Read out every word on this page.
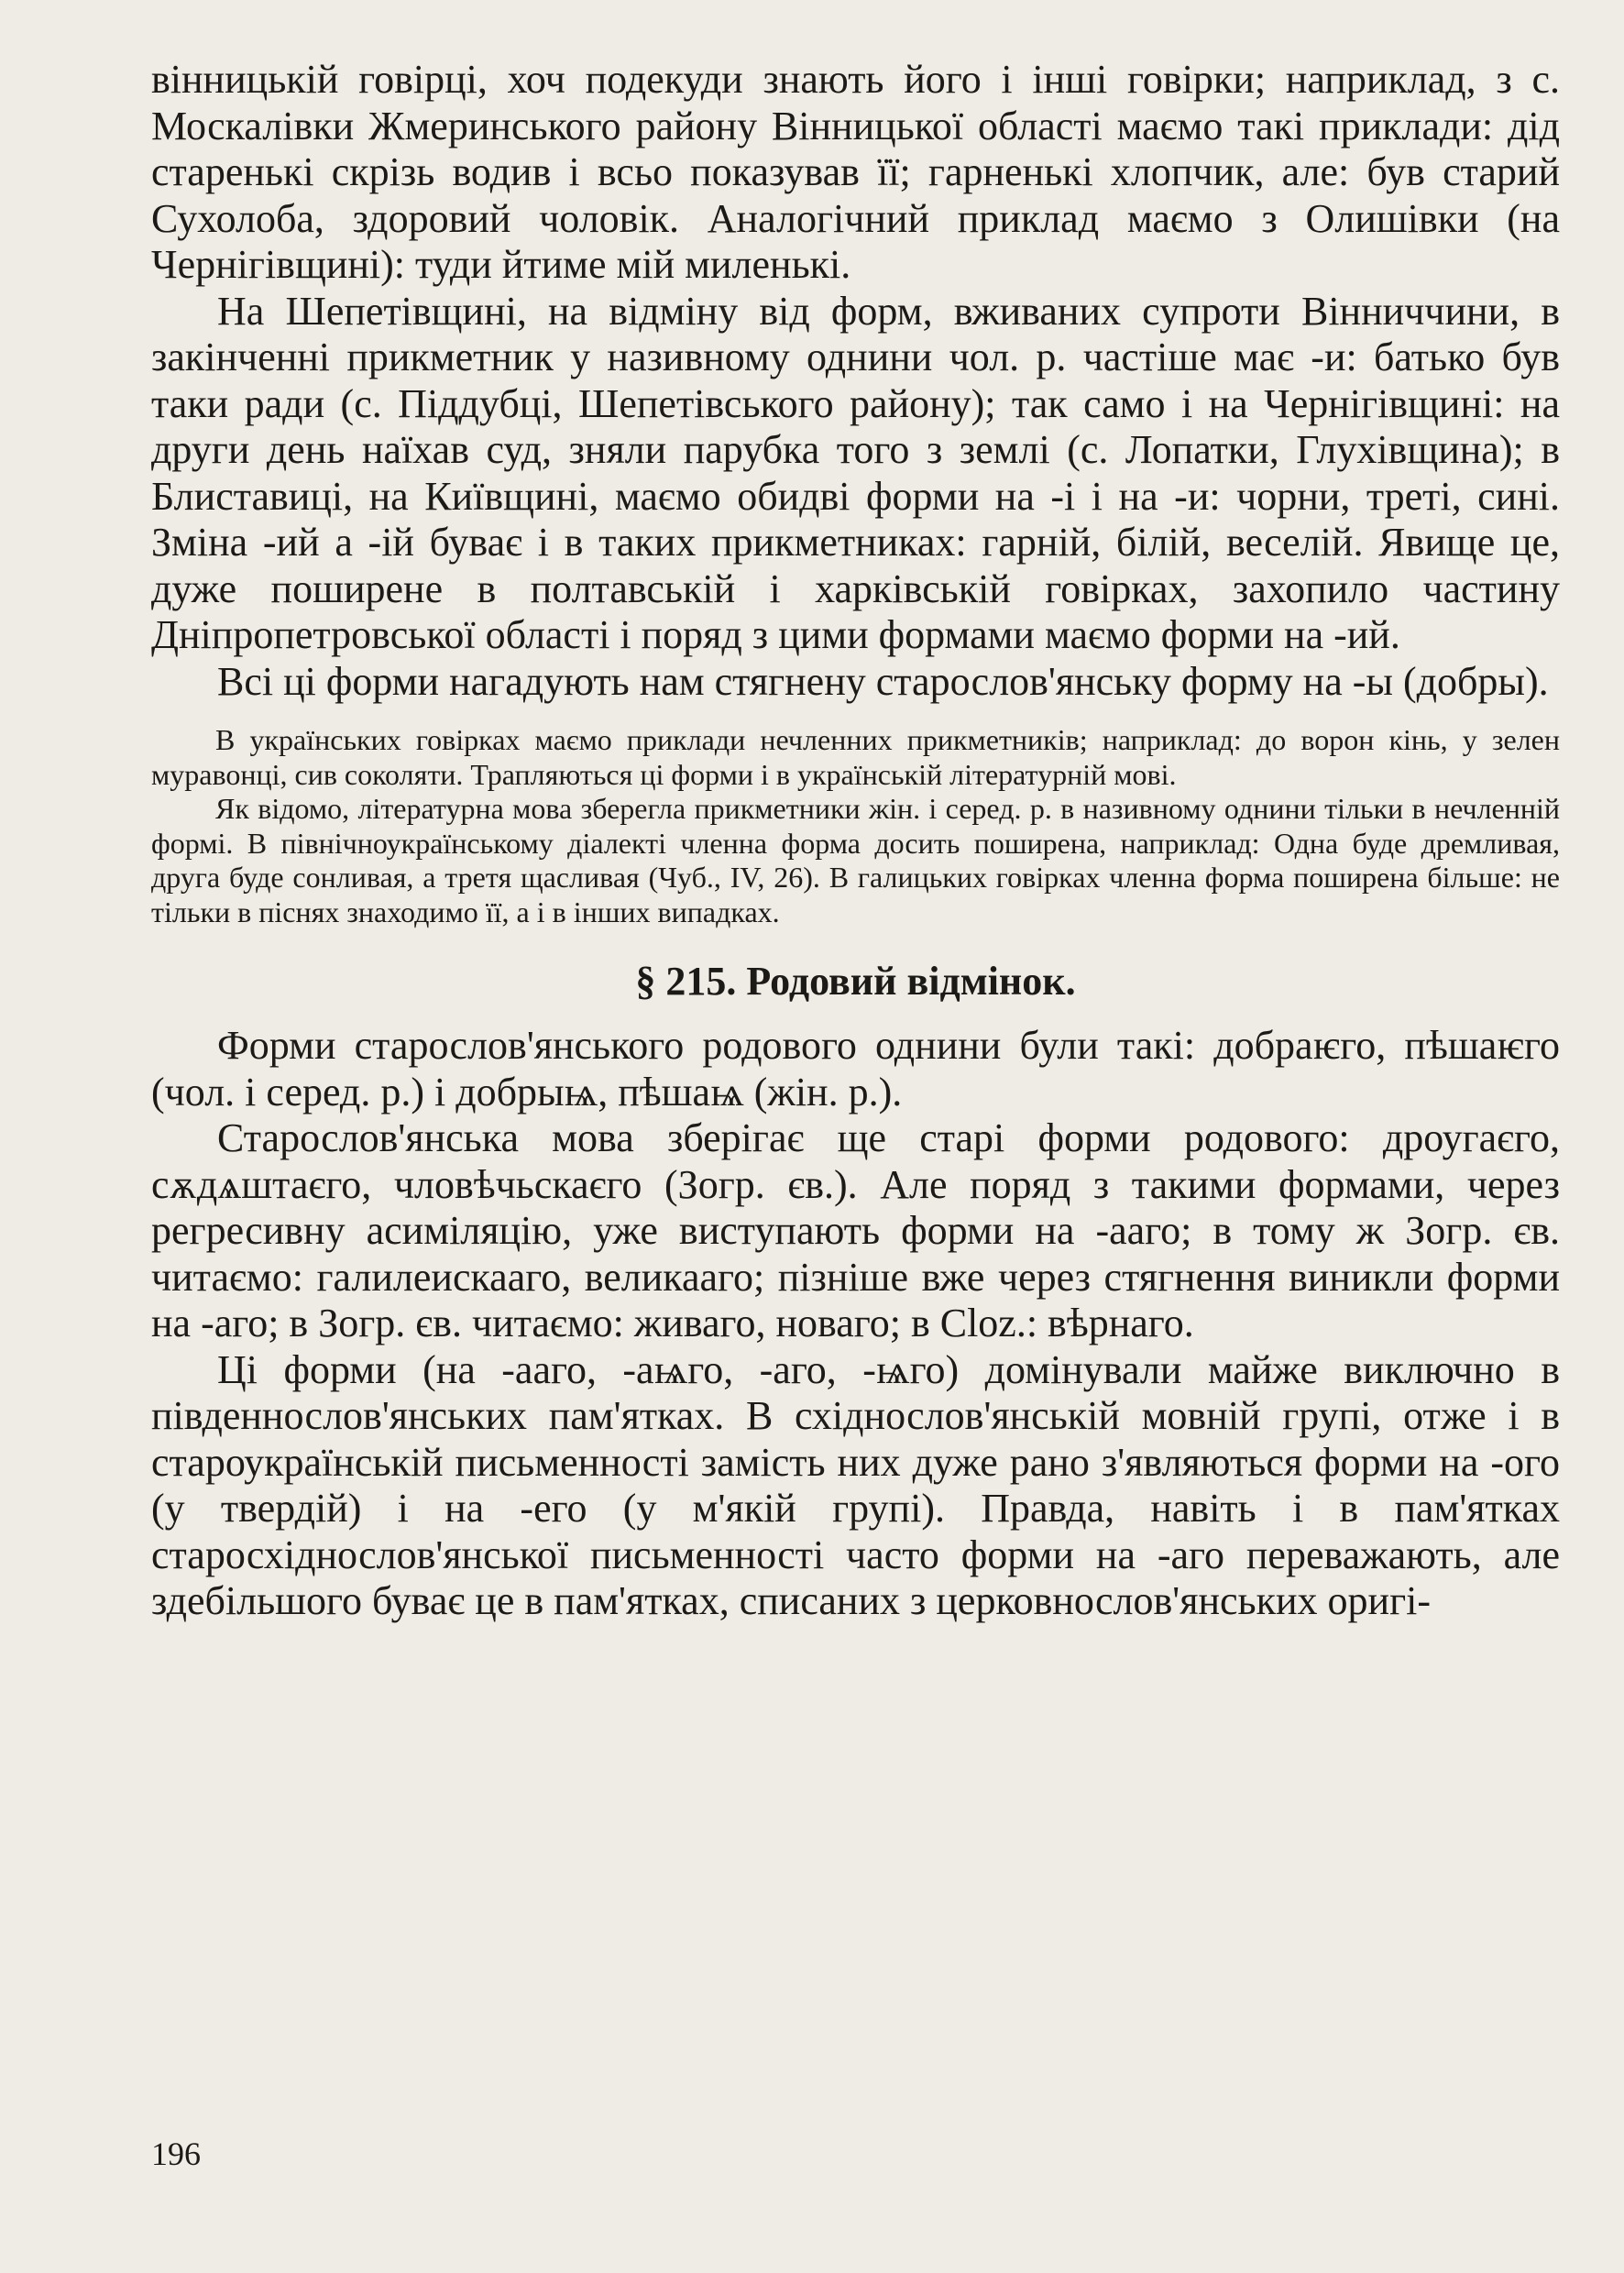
вінницькій говірці, хоч подекуди знають його і інші говірки; наприклад, з с. Москалівки Жмеринського району Вінницької області маємо такі приклади: дід старенькі скрізь водив і всьо показував її; гарненькі хлопчик, але: був старий Сухолоба, здоровий чоловік. Аналогічний приклад маємо з Олишівки (на Чернігівщині): туди йтиме мій миленькі.

На Шепетівщині, на відміну від форм, вживаних супроти Вінниччини, в закінченні прикметник у називному однини чол. р. частіше має -и: батько був таки ради (с. Піддубці, Шепетівського району); так само і на Чернігівщині: на други день наїхав суд, зняли парубка того з землі (с. Лопатки, Глухівщина); в Блиставиці, на Київщині, маємо обидві форми на -і і на -и: чорни, треті, сині. Зміна -ий а -ій буває і в таких прикметниках: гарній, білій, веселій. Явище це, дуже поширене в полтавській і харківській говірках, захопило частину Дніпропетровської області і поряд з цими формами маємо форми на -ий.

Всі ці форми нагадують нам стягнену старослов'янську форму на -ы (добры).

В українських говірках маємо приклади нечленних прикметників; наприклад: до ворон кінь, у зелен муравонці, сив соколяти. Трапляються ці форми і в українській літературній мові.

Як відомо, літературна мова зберегла прикметники жін. і серед. р. в називному однини тільки в нечленній формі. В північноукраїнському діалекті членна форма досить поширена, наприклад: Одна буде дремливая, друга буде сонливая, а третя щасливая (Чуб., IV, 26). В галицьких говірках членна форма поширена більше: не тільки в піснях знаходимо її, а і в інших випадках.

§ 215. Родовий відмінок.

Форми старослов'янського родового однини були такі: добраѥго, пѣшаѥго (чол. і серед. р.) і добрыѩ, пѣшаѩ (жін. р.).

Старослов'янська мова зберігає ще старі форми родового: дроугаєго, сѫдѧштаєго, чловѣчьскаєго (Зогр. єв.). Але поряд з такими формами, через регресивну асиміляцію, уже виступають форми на -ааго; в тому ж Зогр. єв. читаємо: галилеискааго, великааго; пізніше вже через стягнення виникли форми на -аго; в Зогр. єв. читаємо: живаго, новаго; в Cloz.: вѣрнаго.

Ці форми (на -ааго, -аѩго, -аго, -ѩго) домінували майже виключно в південнослов'янських пам'ятках. В східнослов'янській мовній групі, отже і в староукраїнській письменності замість них дуже рано з'являються форми на -ого (у твердій) і на -его (у м'якій групі). Правда, навіть і в пам'ятках старосхіднослов'янської письменності часто форми на -аго переважають, але здебільшого буває це в пам'ятках, списаних з церковнослов'янських оригі-

196
